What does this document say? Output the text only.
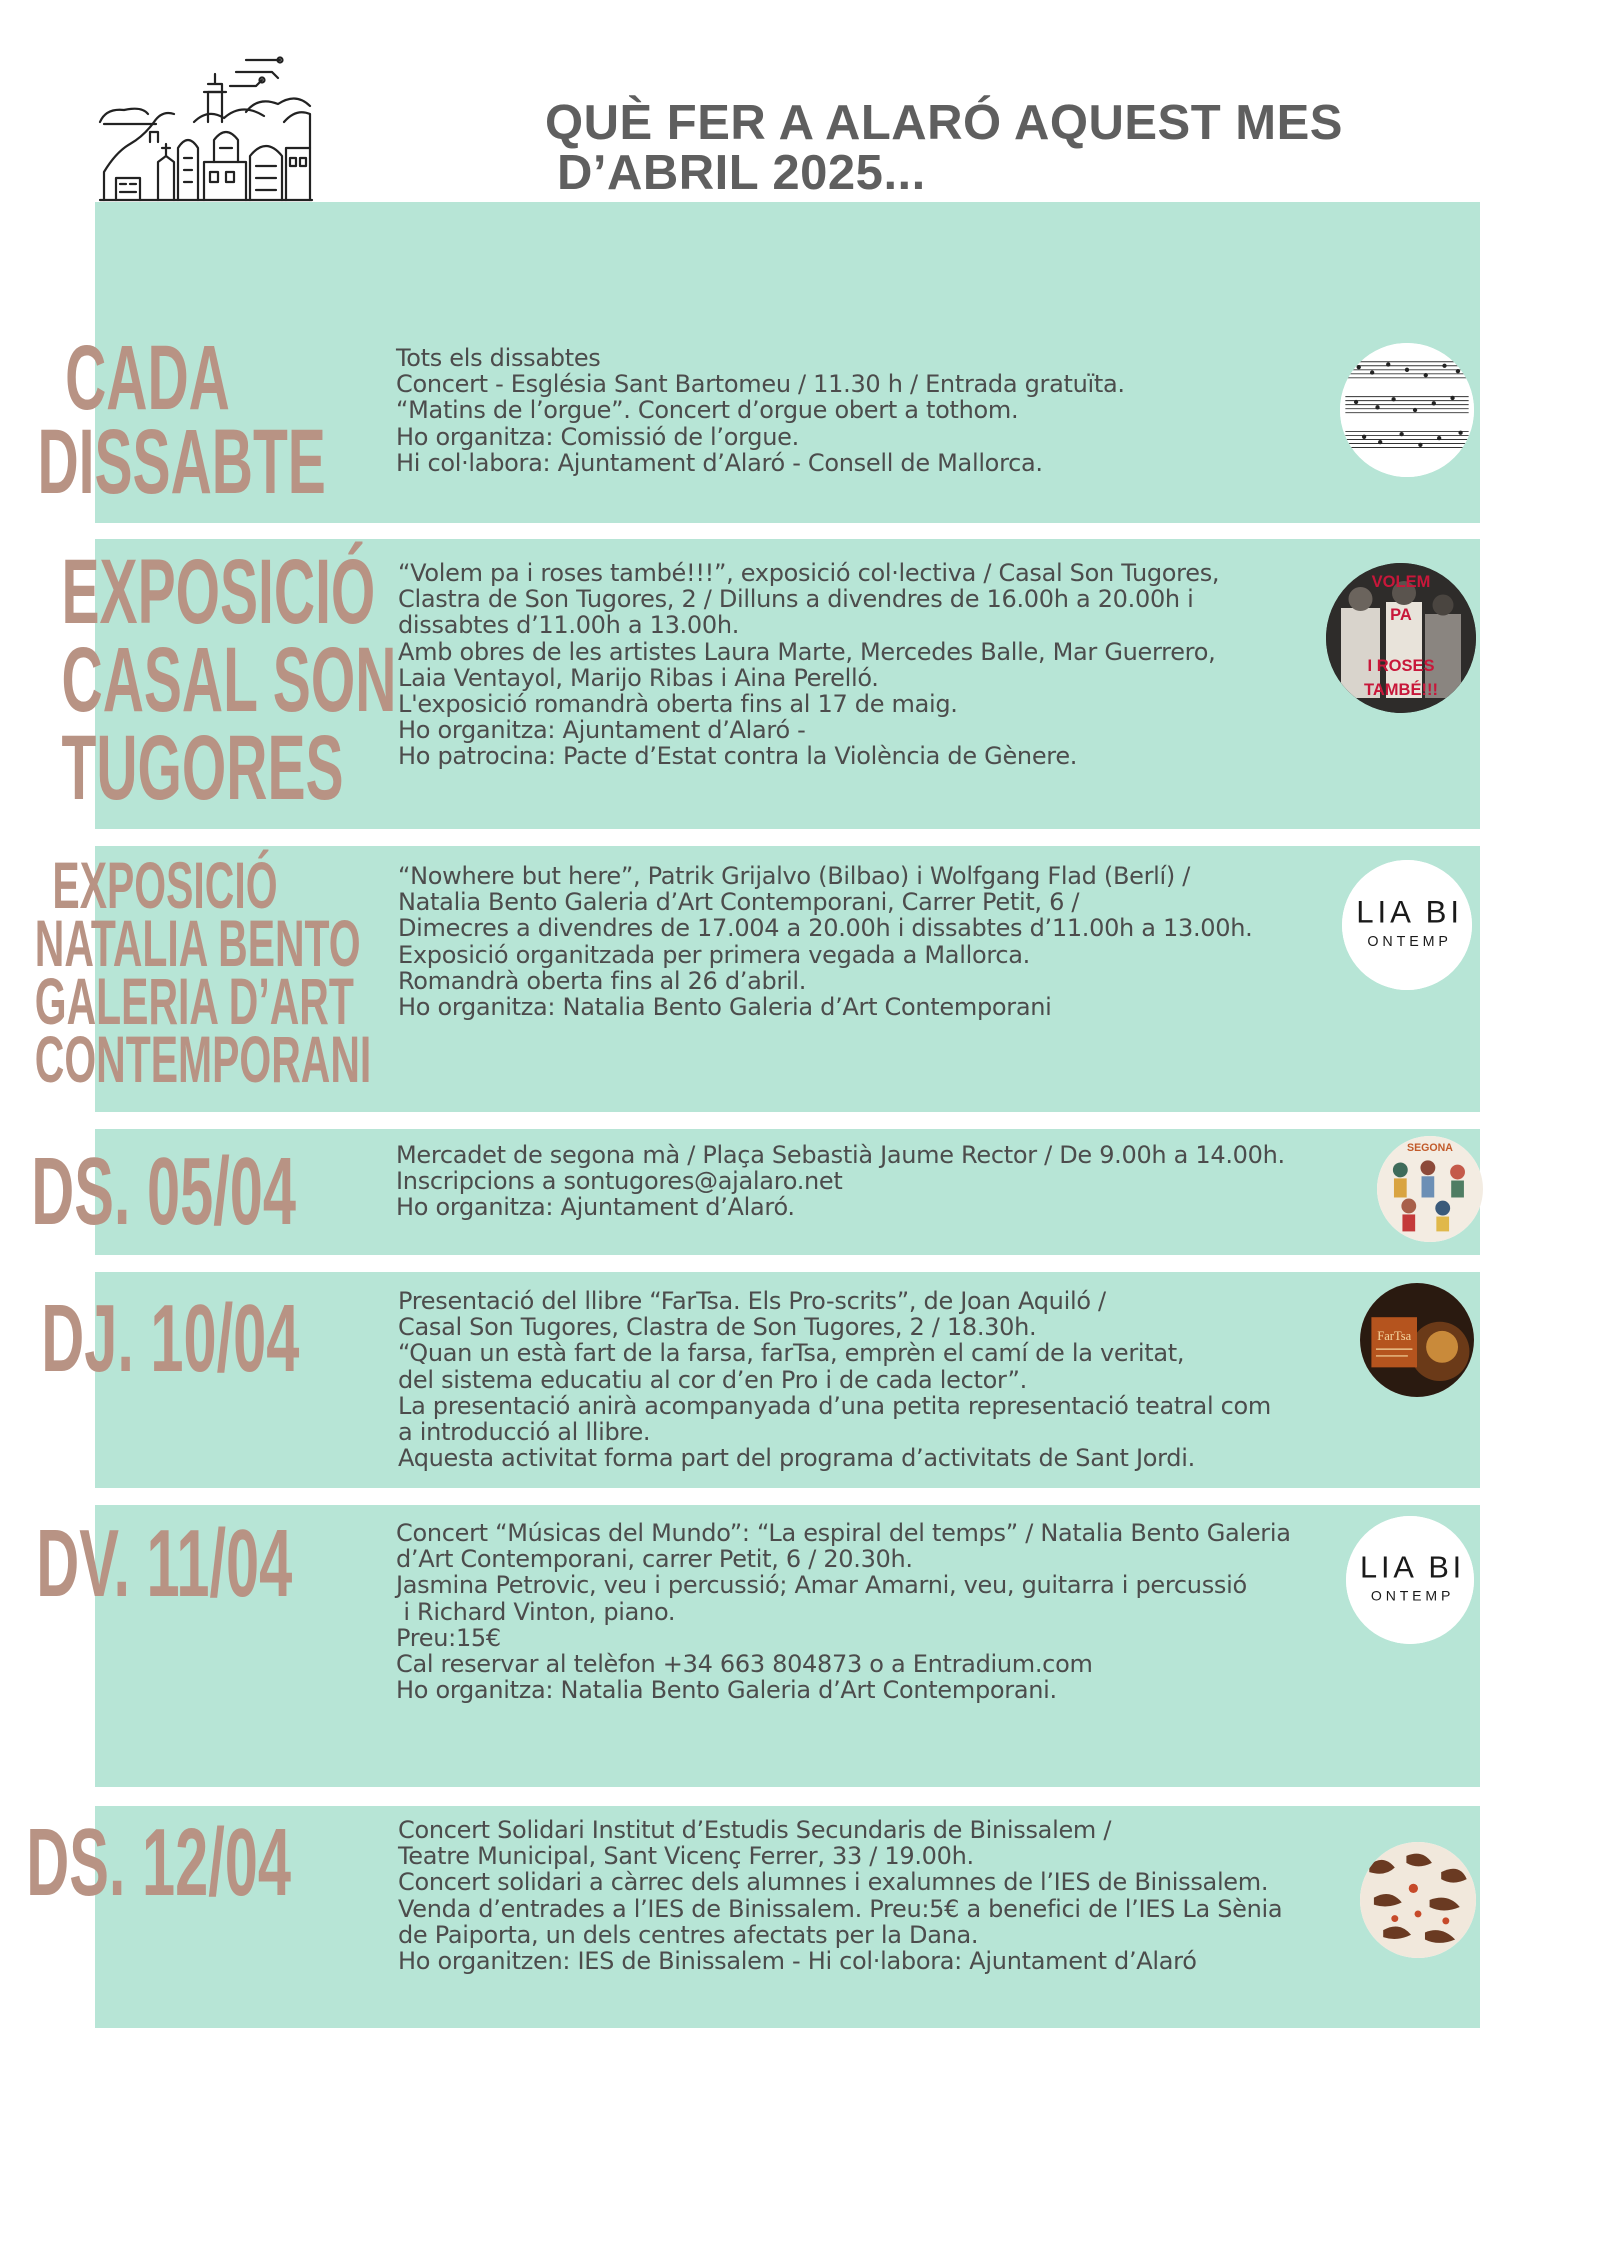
QUÈ FER A ALARÓ AQUEST MES
D’ABRIL 2025...
CADA
DISSABTE
Tots els dissabtes
Concert - Església Sant Bartomeu / 11.30 h / Entrada gratuïta.
“Matins de l’orgue”. Concert d’orgue obert a tothom.
Ho organitza: Comissió de l’orgue.
Hi col·labora: Ajuntament d’Alaró - Consell de Mallorca.
EXPOSICIÓ
CASAL SON
TUGORES
“Volem pa i roses també!!!”, exposició col·lectiva / Casal Son Tugores,
Clastra de Son Tugores, 2 / Dilluns a divendres de 16.00h a 20.00h i
dissabtes d’11.00h a 13.00h.
Amb obres de les artistes Laura Marte, Mercedes Balle, Mar Guerrero,
Laia Ventayol, Marijo Ribas i Aina Perelló.
L'exposició romandrà oberta fins al 17 de maig.
Ho organitza: Ajuntament d’Alaró -
Ho patrocina: Pacte d’Estat contra la Violència de Gènere.
VOLEM
PA
I ROSES
TAMBÉ!!!
EXPOSICIÓ
NATALIA BENTO
GALERIA D’ART
CONTEMPORANI
“Nowhere but here”, Patrik Grijalvo (Bilbao) i Wolfgang Flad (Berlí) /
Natalia Bento Galeria d’Art Contemporani, Carrer Petit, 6 /
Dimecres a divendres de 17.004 a 20.00h i dissabtes d’11.00h a 13.00h.
Exposició organitzada per primera vegada a Mallorca.
Romandrà oberta fins al 26 d’abril.
Ho organitza: Natalia Bento Galeria d’Art Contemporani
LIA BI
ONTEMP
DS. 05/04	Mercadet de segona mà / Plaça Sebastià Jaume Rector / De 9.00h a 14.00h.
Inscripcions a sontugores@ajalaro.net
Ho organitza: Ajuntament d’Alaró.
SEGONA
DJ. 10/04	Presentació del llibre “FarTsa. Els Pro-scrits”, de Joan Aquiló /
Casal Son Tugores, Clastra de Son Tugores, 2 / 18.30h.
“Quan un està fart de la farsa, farTsa, emprèn el camí de la veritat,
del sistema educatiu al cor d’en Pro i de cada lector”.
La presentació anirà acompanyada d’una petita representació teatral com
a introducció al llibre.
Aquesta activitat forma part del programa d’activitats de Sant Jordi.
FarTsa
DV. 11/04	Concert “Músicas del Mundo”: “La espiral del temps” / Natalia Bento Galeria
d’Art Contemporani, carrer Petit, 6 / 20.30h.
Jasmina Petrovic, veu i percussió; Amar Amarni, veu, guitarra i percussió
i Richard Vinton, piano.
Preu:15€
Cal reservar al telèfon +34 663 804873 o a Entradium.com
Ho organitza: Natalia Bento Galeria d’Art Contemporani.
LIA BI
ONTEMP
DS. 12/04	Concert Solidari Institut d’Estudis Secundaris de Binissalem /
Teatre Municipal, Sant Vicenç Ferrer, 33 / 19.00h.
Concert solidari a càrrec dels alumnes i exalumnes de l’IES de Binissalem.
Venda d’entrades a l’IES de Binissalem. Preu:5€ a benefici de l’IES La Sènia
de Paiporta, un dels centres afectats per la Dana.
Ho organitzen: IES de Binissalem - Hi col·labora: Ajuntament d’Alaró
